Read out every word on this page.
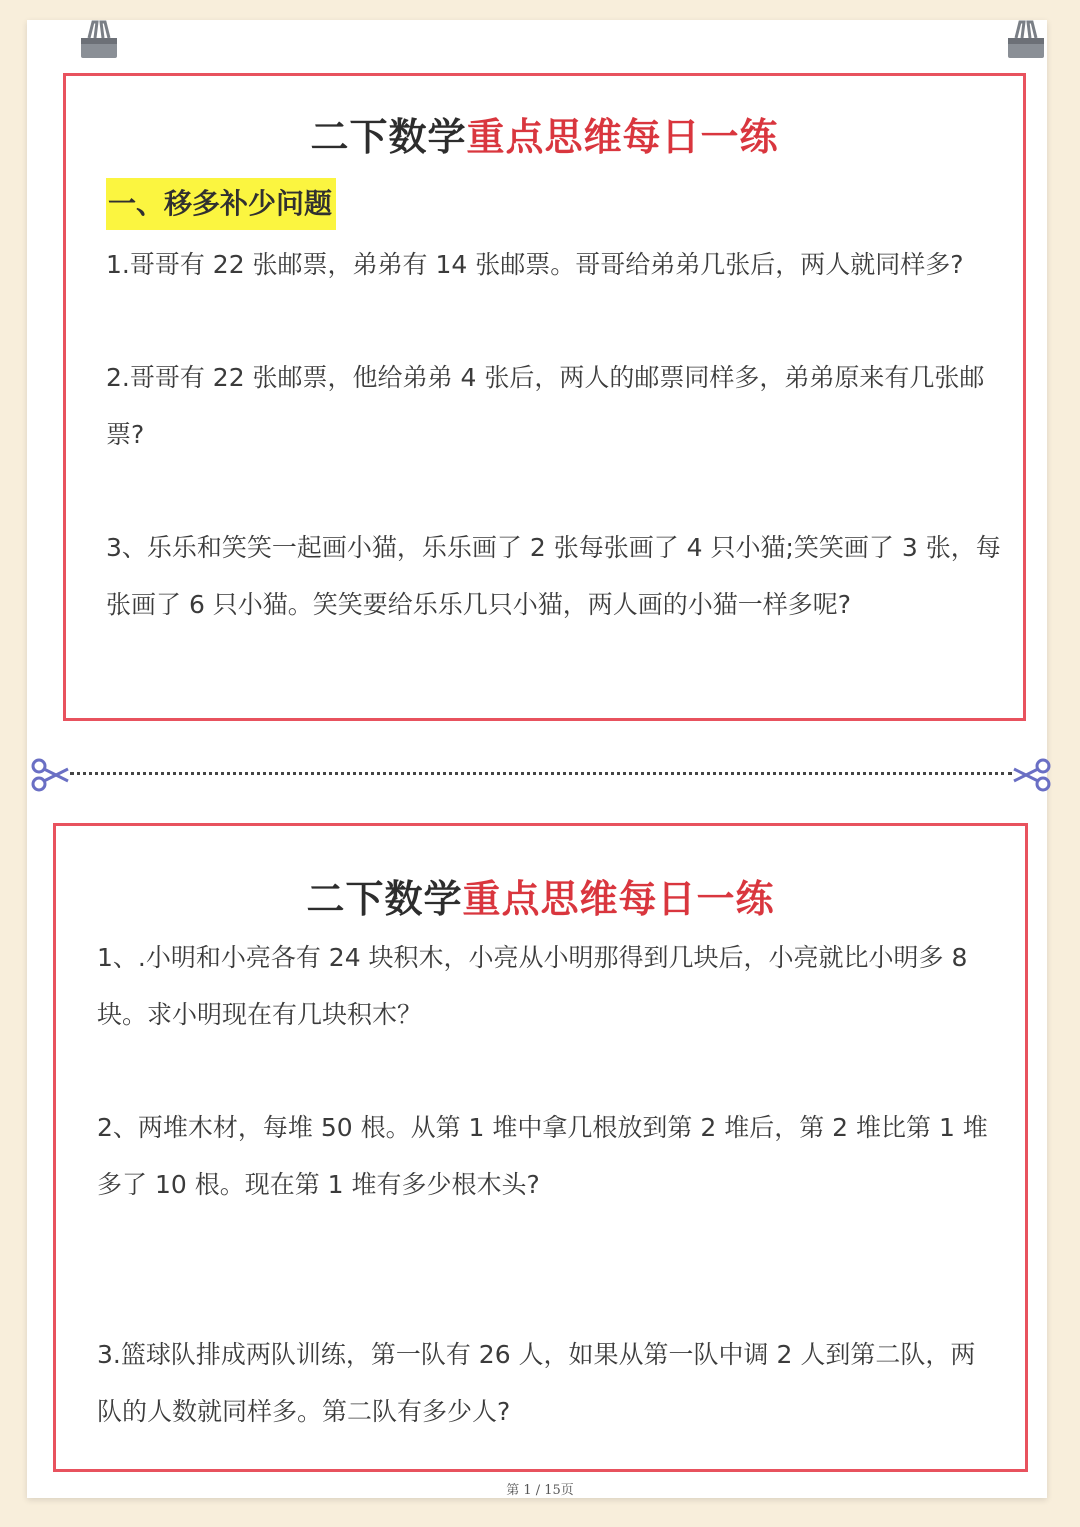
二下数学重点思维每日一练
一、移多补少问题

1.哥哥有 22 张邮票，弟弟有 14 张邮票。哥哥给弟弟几张后，两人就同样多?

2.哥哥有 22 张邮票，他给弟弟 4 张后，两人的邮票同样多，弟弟原来有几张邮
票?

3、乐乐和笑笑一起画小猫，乐乐画了 2 张每张画了 4 只小猫;笑笑画了 3 张，每
张画了 6 只小猫。笑笑要给乐乐几只小猫，两人画的小猫一样多呢?

二下数学重点思维每日一练

1、.小明和小亮各有 24 块积木，小亮从小明那得到几块后，小亮就比小明多 8
块。求小明现在有几块积木？

2、两堆木材，每堆 50 根。从第 1 堆中拿几根放到第 2 堆后，第 2 堆比第 1 堆
多了 10 根。现在第 1 堆有多少根木头?

3.篮球队排成两队训练，第一队有 26 人，如果从第一队中调 2 人到第二队，两
队的人数就同样多。第二队有多少人?

第 1 / 15页
